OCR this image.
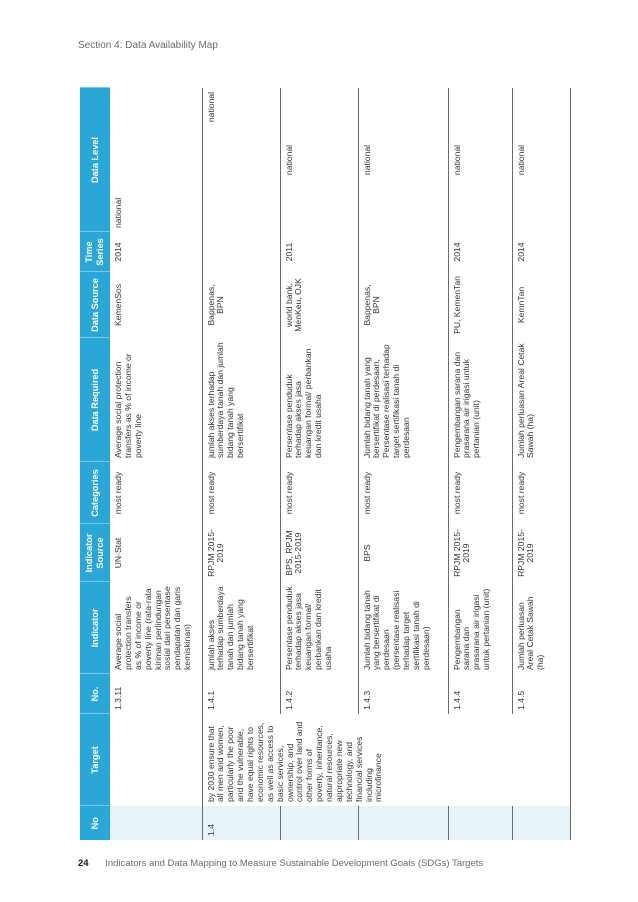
Section 4: Data Availability Map
No	Target	No.	Indicator	Indicator Source	Categories	Data Required	Data Source	Time Series	Data Level
		1.3.11	Average social protection transfers as % of income or poverty line (rata-rata kiriman perlindungan sosial dari persentase pendapatan dan garis kemiskinan)	UN-Stat	most ready	Average social protection transfers as % of income or poverty line	KemenSos	2014	national
1.4	by 2030 ensure that all men and women, particularly the poor and the vulnerable, have equal rights to economic resources, as well as access to basic services, ownership, and control over land and other forms of poverty, inheritance, natural resources, appropriate new technology, and financial services including microfinance	1.4.1	jumlah akses terhadap sumberdaya tanah dan jumlah bidang tanah yang bersertifikat	RPJM 2015-2019	most ready	jumlah akses terhadap sumberdaya tanah dan jumlah bidang tanah yang bersertifikat	Bappenas, BPN		national
		1.4.2	Persentase penduduk terhadap akses jasa keuangan formal/ perbankan dan kredit usaha	BPS, RPJM 2015-2019	most ready	Persentase penduduk terhadap akses jasa keuangan formal/ perbankan dan kredit usaha	world bank, MenKeu, OJK	2011	national
		1.4.3	Jumlah bidang tanah yang bersertifikat di perdesaan (persentase realisasi terhadap target sertifikasi tanah di perdesaan)	BPS	most ready	Jumlah bidang tanah yang bersertifikat di perdesaan, Persentase realisasi terhadap target sertifikasi tanah di perdesaan	Bappenas, BPN		national
		1.4.4	Pengembangan sarana dan prasarana air irigasi untuk pertanian (unit)	RPJM 2015-2019	most ready	Pengembangan sarana dan prasarana air irigasi untuk pertanian (unit)	PU, KemenTan	2014	national
		1.4.5	Jumlah perluasan Areal Cetak Sawah (ha)	RPJM 2015-2019	most ready	Jumlah perluasan Areal Cetak Sawah (ha)	KemnTan	2014	national
24 Indicators and Data Mapping to Measure Sustainable Development Goals (SDGs) Targets
